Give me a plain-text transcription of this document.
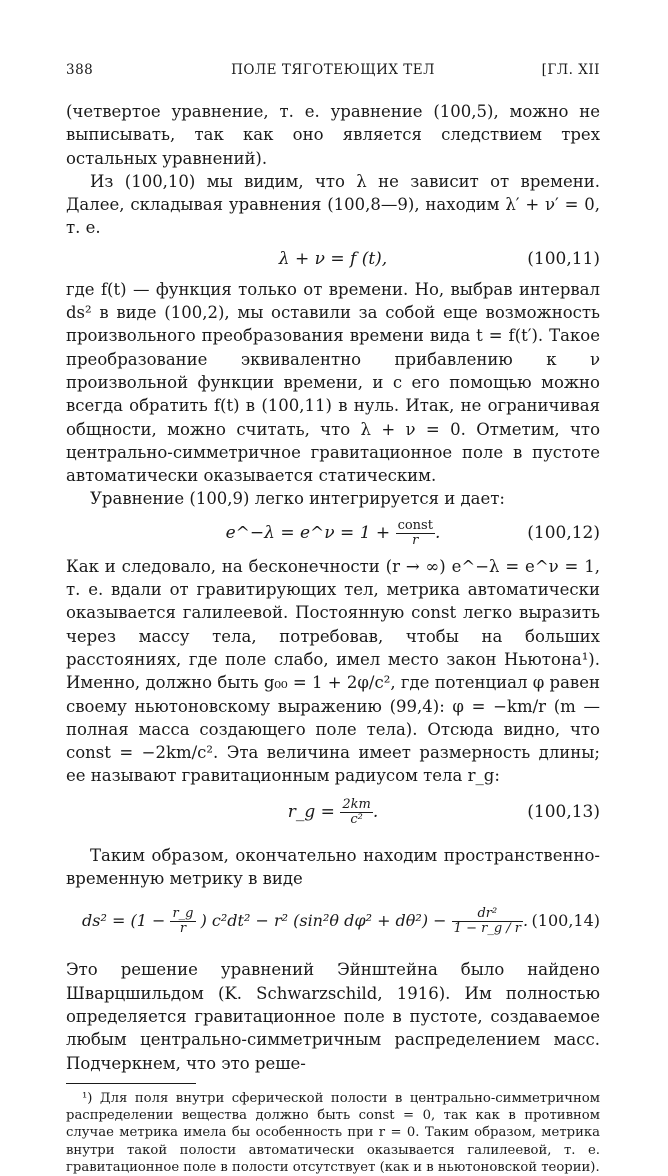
388	ПОЛЕ ТЯГОТЕЮЩИХ ТЕЛ	[ГЛ. XII

(четвертое уравнение, т. е. уравнение (100,5), можно не выписывать, так как оно является следствием трех остальных уравнений).

Из (100,10) мы видим, что λ не зависит от времени. Далее, складывая уравнения (100,8—9), находим λ′ + ν′ = 0, т. е.

λ + ν = f (t),	(100,11)

где f(t) — функция только от времени. Но, выбрав интервал ds² в виде (100,2), мы оставили за собой еще возможность произвольного преобразования времени вида t = f(t′). Такое преобразование эквивалентно прибавлению к ν произвольной функции времени, и с его помощью можно всегда обратить f(t) в (100,11) в нуль. Итак, не ограничивая общности, можно считать, что λ + ν = 0. Отметим, что центрально-симметричное гравитационное поле в пустоте автоматически оказывается статическим.

Уравнение (100,9) легко интегрируется и дает:

e^−λ = e^ν = $1 + \frac{\text{const}}{r}$ .	(100,12)

Как и следовало, на бесконечности (r → ∞) e^−λ = e^ν = 1, т. е. вдали от гравитирующих тел, метрика автоматически оказывается галилеевой. Постоянную const легко выразить через массу тела, потребовав, чтобы на больших расстояниях, где поле слабо, имел место закон Ньютона¹). Именно, должно быть g₀₀ = 1 + 2φ/c², где потенциал φ равен своему ньютоновскому выражению (99,4): φ = −km/r (m — полная масса создающего поле тела). Отсюда видно, что const = −2km/c². Эта величина имеет размерность длины; ее называют гравитационным радиусом тела r_g:

r_g = $\frac{2km}{\text{c²}}$ .	(100,13)

Таким образом, окончательно находим пространственно-временную метрику в виде

$ds^2 = (1 - \frac{r\_g}{r}$ ) c²dt² − r² (sin²θ $d\varphi^2 + d\theta^2) - \frac{\text{dr²}}{1 - r\_g / r}$ . (100,14)

Это решение уравнений Эйнштейна было найдено Шварцшильдом (K. Schwarzschild, 1916). Им полностью определяется гравитационное поле в пустоте, создаваемое любым центрально-симметричным распределением масс. Подчеркнем, что это реше-

¹) Для поля внутри сферической полости в центрально-симметричном распределении вещества должно быть const = 0, так как в противном случае метрика имела бы особенность при r = 0. Таким образом, метрика внутри такой полости автоматически оказывается галилеевой, т. е. гравитационное поле в полости отсутствует (как и в ньютоновской теории).
